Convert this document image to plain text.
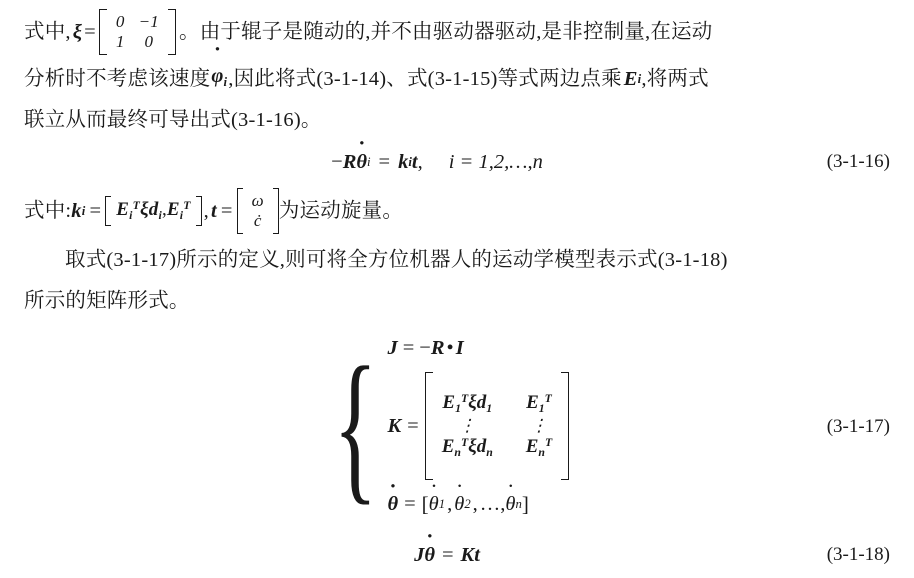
式中, ξ = 0	−1
1	0 。由于辊子是随动的,并不由驱动器驱动,是非控制量,在运动
分析时不考虑该速度 $\varphi \cdot_i$ ,因此将式(3-1-14)、式(3-1-15)等式两边点乘 E i ,将两式
联立从而最终可导出式(3-1-16)。
− R θ · i = k i t , i = 1,2,…,n	(3-1-16)
式中: k $i = E_i^T\xi d_i,E_i^T$ , t = ω
ċ 为运动旋量。
取式(3-1-17)所示的定义,则可将全方位机器人的运动学模型表示式(3-1-18)
所示的矩阵形式。
{ J = − R • I
K =
$E_1^T\xi d_1$	$E_1^T$
⋮	⋮
$E_n^T\xi d_n$	$E_n^T$
θ · = [ θ · 1 , θ · 2 , …, θ · n ]
(3-1-17)
J θ · = K t	(3-1-18)
